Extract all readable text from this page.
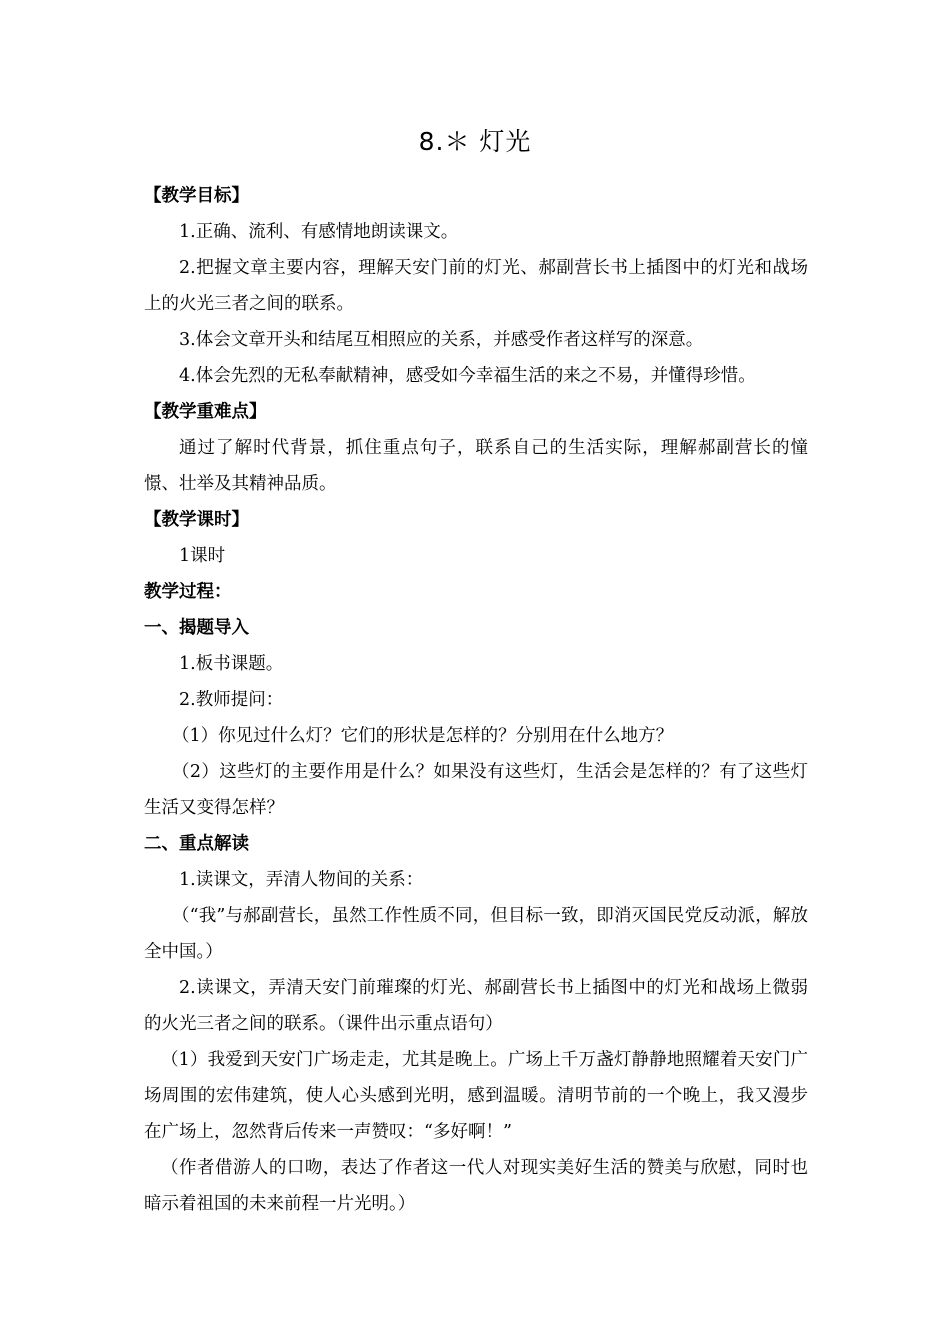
8.＊ 灯光

【教学目标】

1.正确、流利、有感情地朗读课文。

2.把握文章主要内容，理解天安门前的灯光、郝副营长书上插图中的灯光和战场上的火光三者之间的联系。

3.体会文章开头和结尾互相照应的关系，并感受作者这样写的深意。

4.体会先烈的无私奉献精神，感受如今幸福生活的来之不易，并懂得珍惜。

【教学重难点】

通过了解时代背景，抓住重点句子，联系自己的生活实际，理解郝副营长的憧憬、壮举及其精神品质。

【教学课时】

1课时

教学过程：

一、揭题导入

1.板书课题。

2.教师提问：

（1）你见过什么灯？它们的形状是怎样的？分别用在什么地方？

（2）这些灯的主要作用是什么？如果没有这些灯，生活会是怎样的？有了这些灯生活又变得怎样？

二、重点解读

1.读课文，弄清人物间的关系：

（“我”与郝副营长，虽然工作性质不同，但目标一致，即消灭国民党反动派，解放全中国。）

2.读课文，弄清天安门前璀璨的灯光、郝副营长书上插图中的灯光和战场上微弱的火光三者之间的联系。（课件出示重点语句）

（1）我爱到天安门广场走走，尤其是晚上。广场上千万盏灯静静地照耀着天安门广场周围的宏伟建筑，使人心头感到光明，感到温暖。清明节前的一个晚上，我又漫步在广场上，忽然背后传来一声赞叹：“多好啊！”

（作者借游人的口吻，表达了作者这一代人对现实美好生活的赞美与欣慰，同时也暗示着祖国的未来前程一片光明。）
